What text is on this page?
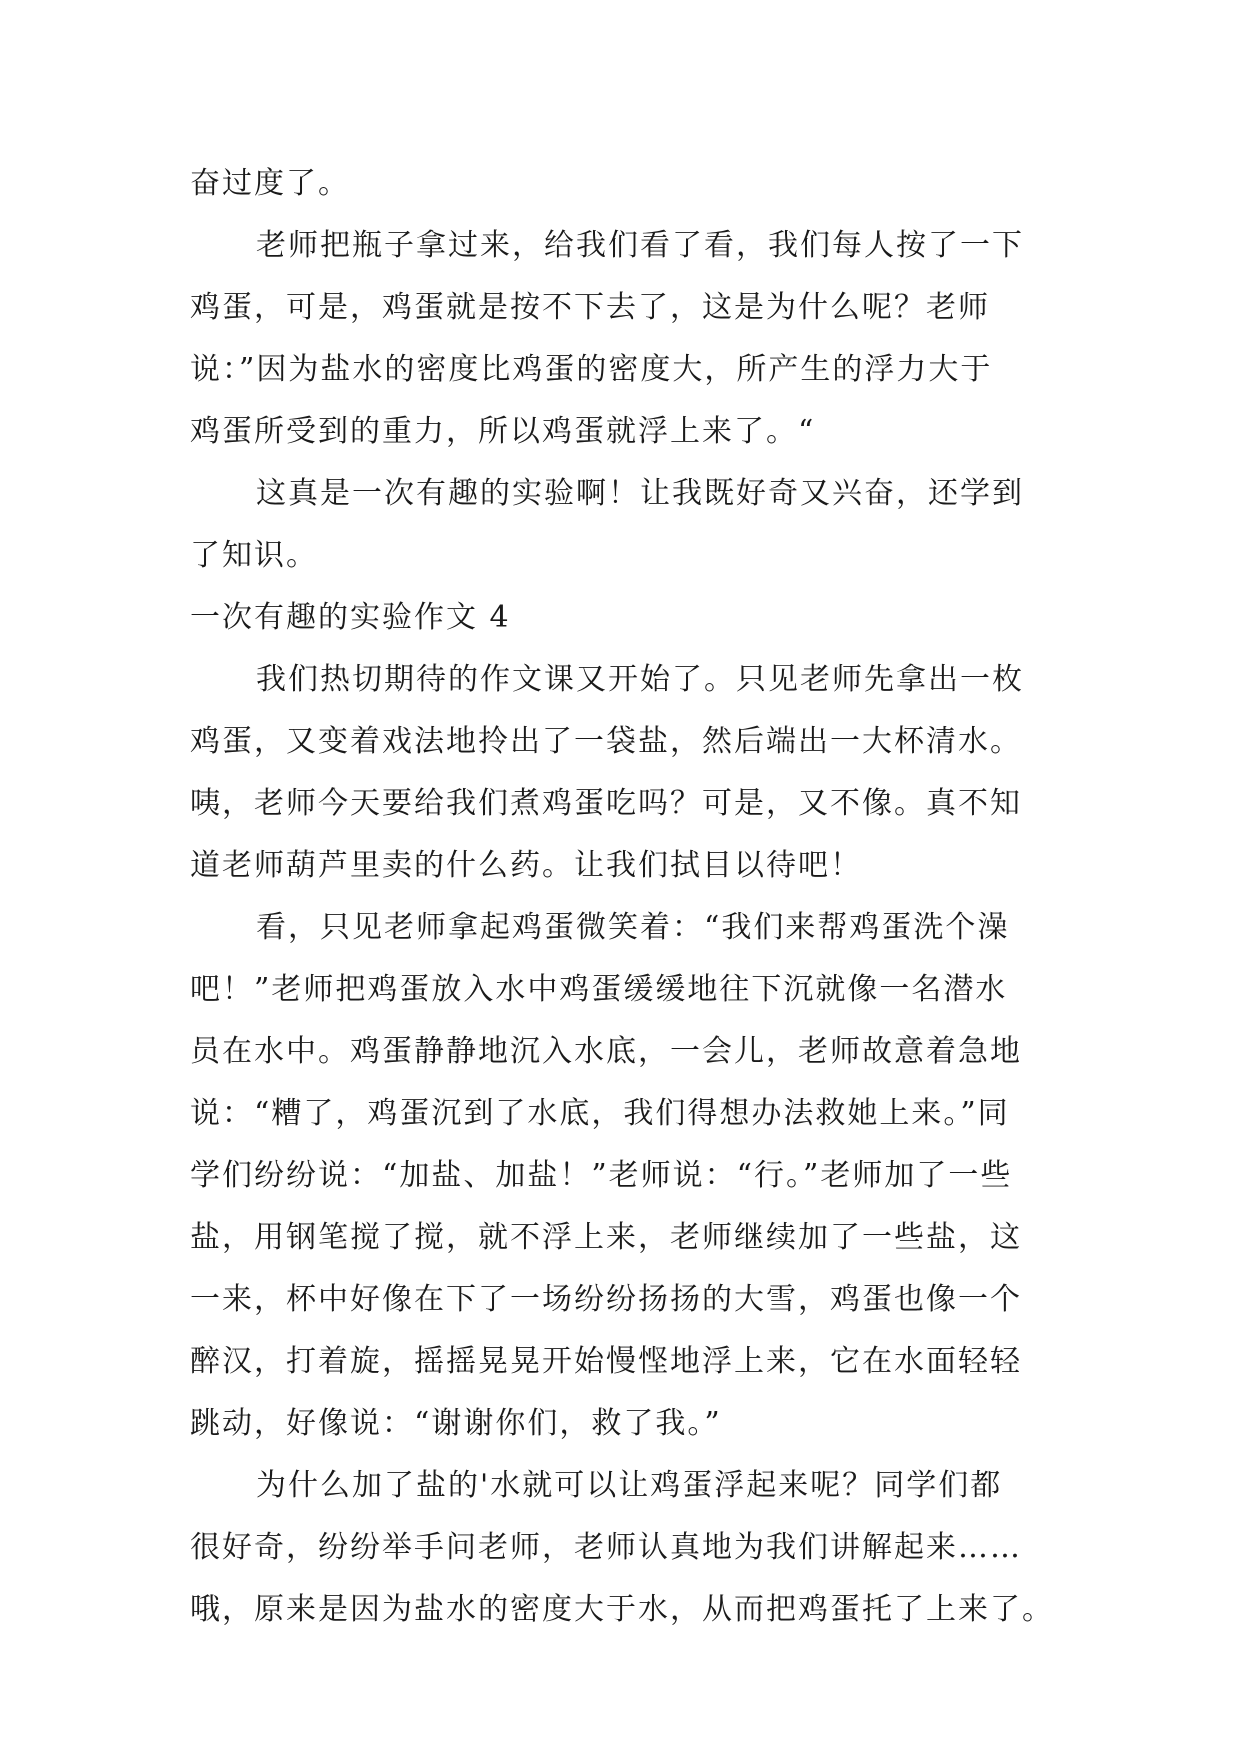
奋过度了。
老师把瓶子拿过来，给我们看了看，我们每人按了一下
鸡蛋，可是，鸡蛋就是按不下去了，这是为什么呢？老师
说：”因为盐水的密度比鸡蛋的密度大，所产生的浮力大于
鸡蛋所受到的重力，所以鸡蛋就浮上来了。“
这真是一次有趣的实验啊！让我既好奇又兴奋，还学到
了知识。
一次有趣的实验作文 4
我们热切期待的作文课又开始了。只见老师先拿出一枚
鸡蛋，又变着戏法地拎出了一袋盐，然后端出一大杯清水。
咦，老师今天要给我们煮鸡蛋吃吗？可是，又不像。真不知
道老师葫芦里卖的什么药。让我们拭目以待吧！
看，只见老师拿起鸡蛋微笑着：“我们来帮鸡蛋洗个澡
吧！”老师把鸡蛋放入水中鸡蛋缓缓地往下沉就像一名潜水
员在水中。鸡蛋静静地沉入水底，一会儿，老师故意着急地
说：“糟了，鸡蛋沉到了水底，我们得想办法救她上来。”同
学们纷纷说：“加盐、加盐！”老师说：“行。”老师加了一些
盐，用钢笔搅了搅，就不浮上来，老师继续加了一些盐，这
一来，杯中好像在下了一场纷纷扬扬的大雪，鸡蛋也像一个
醉汉，打着旋，摇摇晃晃开始慢悭地浮上来，它在水面轻轻
跳动，好像说：“谢谢你们，救了我。”
为什么加了盐的'水就可以让鸡蛋浮起来呢？同学们都
很好奇，纷纷举手问老师，老师认真地为我们讲解起来……
哦，原来是因为盐水的密度大于水，从而把鸡蛋托了上来了。
